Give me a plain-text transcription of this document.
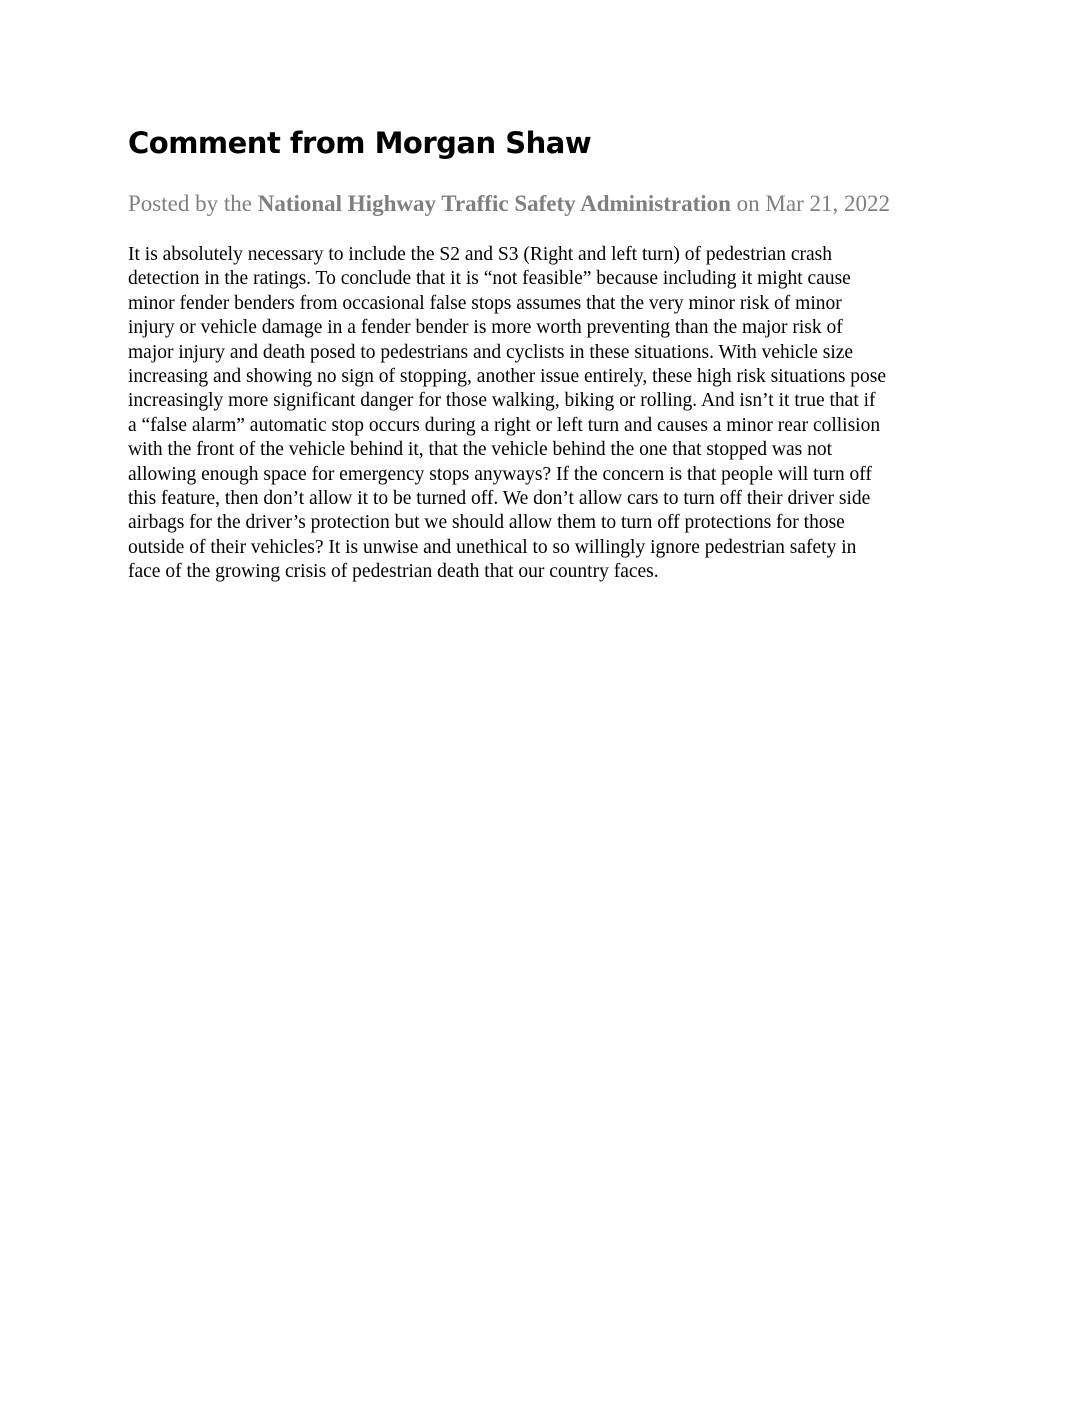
Comment from Morgan Shaw

Posted by the National Highway Traffic Safety Administration on Mar 21, 2022

It is absolutely necessary to include the S2 and S3 (Right and left turn) of pedestrian crash
detection in the ratings. To conclude that it is “not feasible” because including it might cause
minor fender benders from occasional false stops assumes that the very minor risk of minor
injury or vehicle damage in a fender bender is more worth preventing than the major risk of
major injury and death posed to pedestrians and cyclists in these situations. With vehicle size
increasing and showing no sign of stopping, another issue entirely, these high risk situations pose
increasingly more significant danger for those walking, biking or rolling. And isn’t it true that if
a “false alarm” automatic stop occurs during a right or left turn and causes a minor rear collision
with the front of the vehicle behind it, that the vehicle behind the one that stopped was not
allowing enough space for emergency stops anyways? If the concern is that people will turn off
this feature, then don’t allow it to be turned off. We don’t allow cars to turn off their driver side
airbags for the driver’s protection but we should allow them to turn off protections for those
outside of their vehicles? It is unwise and unethical to so willingly ignore pedestrian safety in
face of the growing crisis of pedestrian death that our country faces.
